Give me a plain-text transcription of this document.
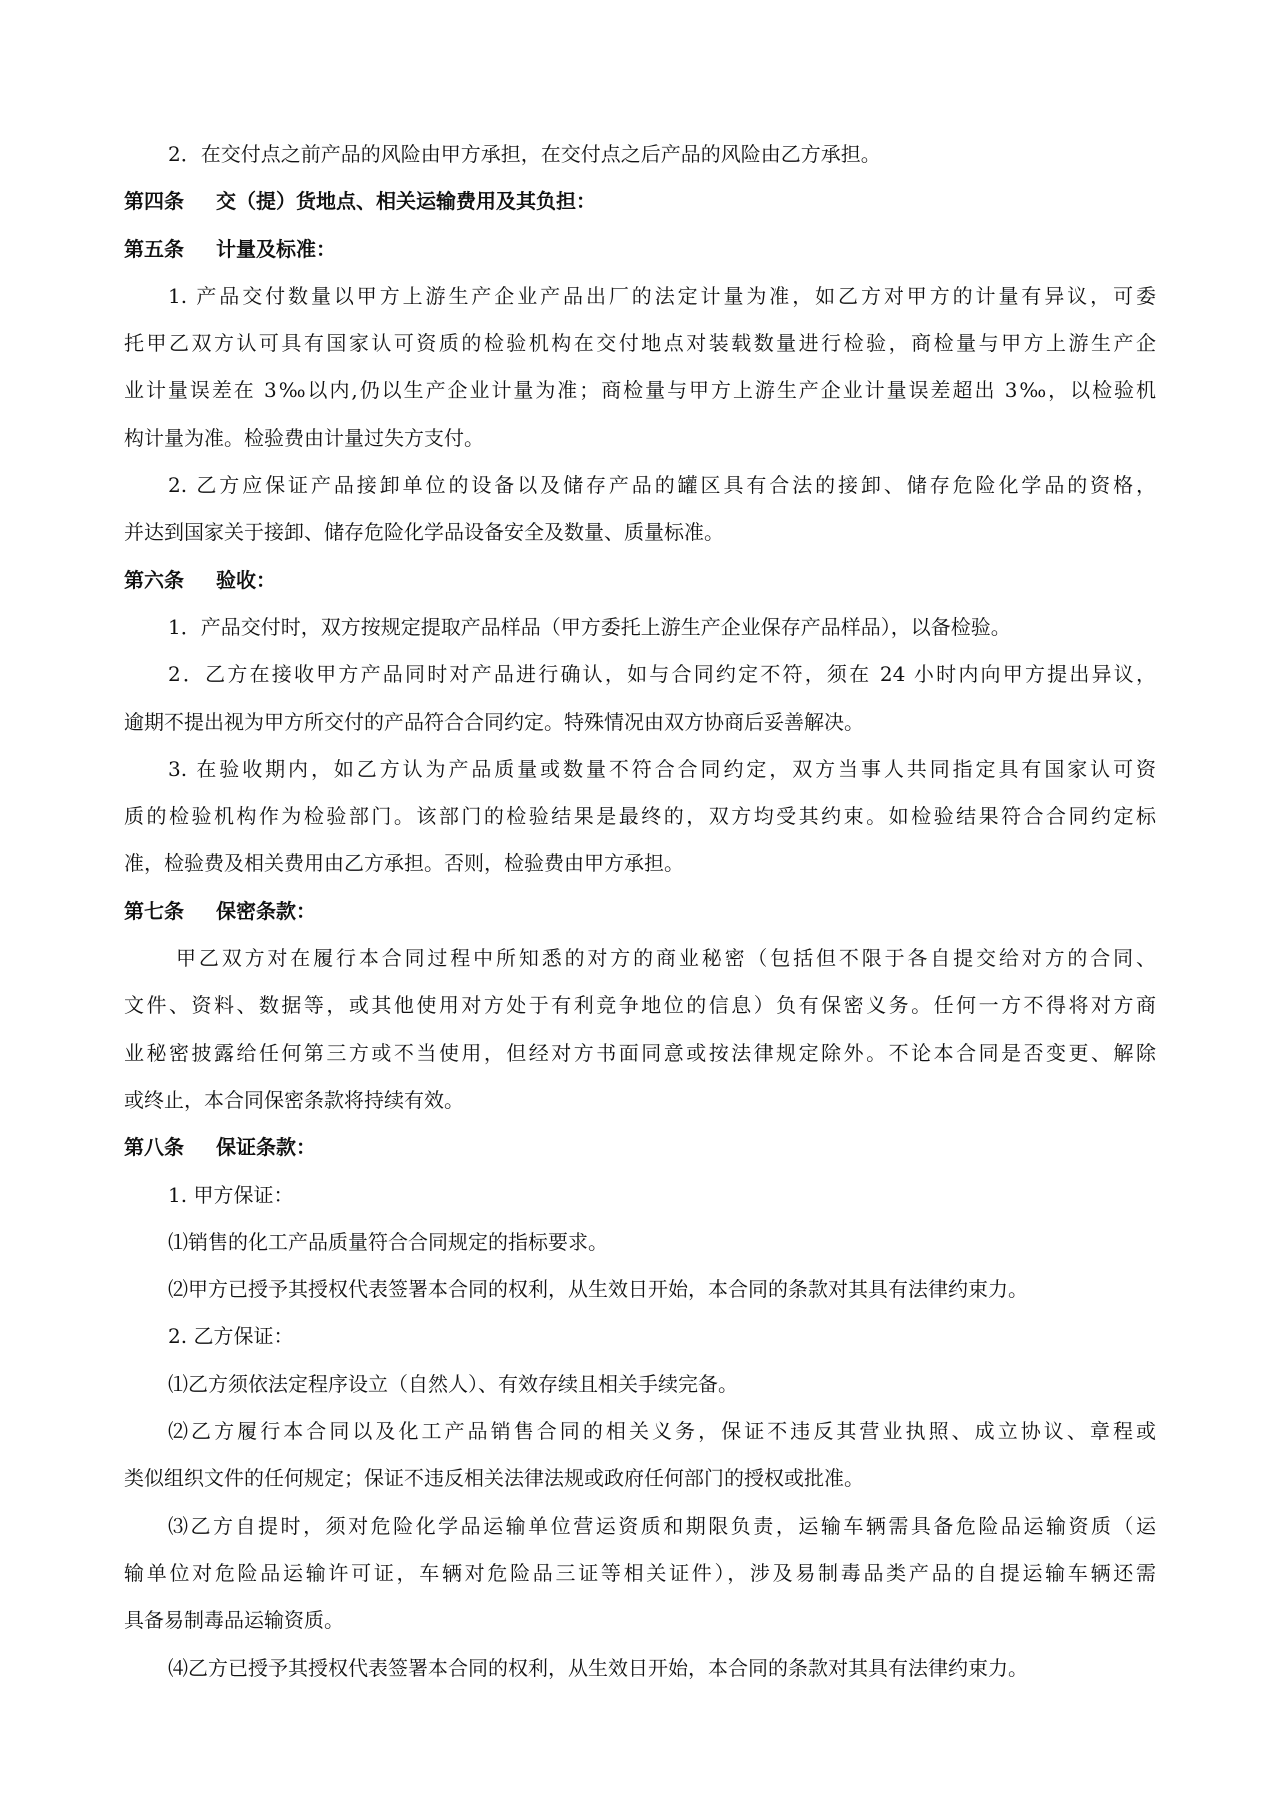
2．在交付点之前产品的风险由甲方承担，在交付点之后产品的风险由乙方承担。
第四条 交（提）货地点、相关运输费用及其负担：
第五条 计量及标准：
1. 产品交付数量以甲方上游生产企业产品出厂的法定计量为准，如乙方对甲方的计量有异议，可委
托甲乙双方认可具有国家认可资质的检验机构在交付地点对装载数量进行检验，商检量与甲方上游生产企
业计量误差在 3‰以内,仍以生产企业计量为准；商检量与甲方上游生产企业计量误差超出 3‰，以检验机
构计量为准。检验费由计量过失方支付。
2. 乙方应保证产品接卸单位的设备以及储存产品的罐区具有合法的接卸、储存危险化学品的资格，
并达到国家关于接卸、储存危险化学品设备安全及数量、质量标准。
第六条 验收：
1．产品交付时，双方按规定提取产品样品（甲方委托上游生产企业保存产品样品），以备检验。
2．乙方在接收甲方产品同时对产品进行确认，如与合同约定不符，须在 24 小时内向甲方提出异议，
逾期不提出视为甲方所交付的产品符合合同约定。特殊情况由双方协商后妥善解决。
3. 在验收期内，如乙方认为产品质量或数量不符合合同约定，双方当事人共同指定具有国家认可资
质的检验机构作为检验部门。该部门的检验结果是最终的，双方均受其约束。如检验结果符合合同约定标
准，检验费及相关费用由乙方承担。否则，检验费由甲方承担。
第七条 保密条款：
甲乙双方对在履行本合同过程中所知悉的对方的商业秘密（包括但不限于各自提交给对方的合同、
文件、资料、数据等，或其他使用对方处于有利竞争地位的信息）负有保密义务。任何一方不得将对方商
业秘密披露给任何第三方或不当使用，但经对方书面同意或按法律规定除外。不论本合同是否变更、解除
或终止，本合同保密条款将持续有效。
第八条 保证条款：
1. 甲方保证：
⑴销售的化工产品质量符合合同规定的指标要求。
⑵甲方已授予其授权代表签署本合同的权利，从生效日开始，本合同的条款对其具有法律约束力。
2. 乙方保证：
⑴乙方须依法定程序设立（自然人）、有效存续且相关手续完备。
⑵乙方履行本合同以及化工产品销售合同的相关义务，保证不违反其营业执照、成立协议、章程或
类似组织文件的任何规定；保证不违反相关法律法规或政府任何部门的授权或批准。
⑶乙方自提时，须对危险化学品运输单位营运资质和期限负责，运输车辆需具备危险品运输资质（运
输单位对危险品运输许可证，车辆对危险品三证等相关证件），涉及易制毒品类产品的自提运输车辆还需
具备易制毒品运输资质。
⑷乙方已授予其授权代表签署本合同的权利，从生效日开始，本合同的条款对其具有法律约束力。
